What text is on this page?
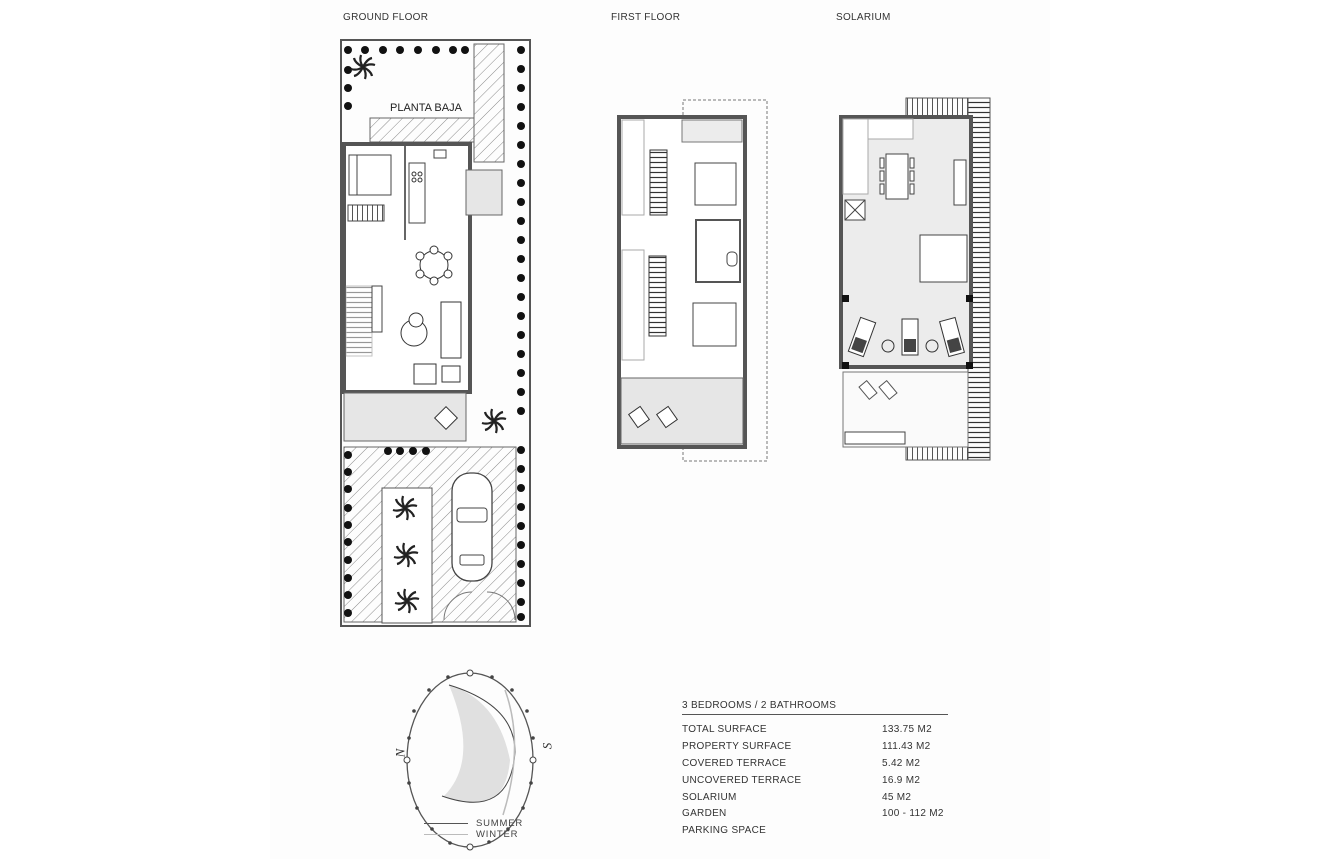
GROUND FLOOR	FIRST FLOOR	SOLARIUM
PLANTA BAJA
N
S
SUMMER
WINTER
3 BEDROOMS / 2 BATHROOMS
TOTAL SURFACE	133.75 M2
PROPERTY SURFACE	111.43 M2
COVERED TERRACE	5.42 M2
UNCOVERED TERRACE	16.9 M2
SOLARIUM	45 M2
GARDEN	100 - 112 M2
PARKING SPACE
